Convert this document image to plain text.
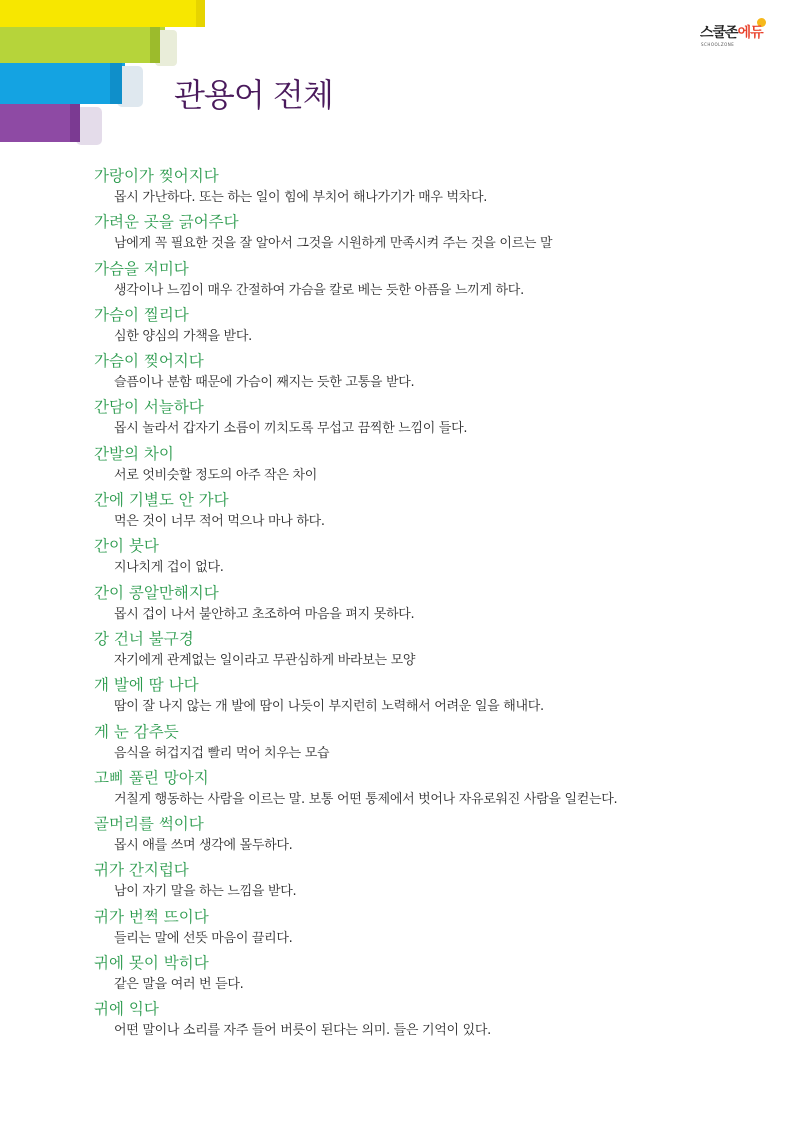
스쿨존에듀
SCHOOLZONE
관용어 전체
가랑이가 찢어지다
몹시 가난하다. 또는 하는 일이 힘에 부치어 해나가기가 매우 벅차다.
가려운 곳을 긁어주다
남에게 꼭 필요한 것을 잘 알아서 그것을 시원하게 만족시켜 주는 것을 이르는 말
가슴을 저미다
생각이나 느낌이 매우 간절하여 가슴을 칼로 베는 듯한 아픔을 느끼게 하다.
가슴이 찔리다
심한 양심의 가책을 받다.
가슴이 찢어지다
슬픔이나 분함 때문에 가슴이 째지는 듯한 고통을 받다.
간담이 서늘하다
몹시 놀라서 갑자기 소름이 끼치도록 무섭고 끔찍한 느낌이 들다.
간발의 차이
서로 엇비슷할 정도의 아주 작은 차이
간에 기별도 안 가다
먹은 것이 너무 적어 먹으나 마나 하다.
간이 붓다
지나치게 겁이 없다.
간이 콩알만해지다
몹시 겁이 나서 불안하고 초조하여 마음을 펴지 못하다.
강 건너 불구경
자기에게 관계없는 일이라고 무관심하게 바라보는 모양
개 발에 땀 나다
땀이 잘 나지 않는 개 발에 땀이 나듯이 부지런히 노력해서 어려운 일을 해내다.
게 눈 감추듯
음식을 허겁지겁 빨리 먹어 치우는 모습
고삐 풀린 망아지
거칠게 행동하는 사람을 이르는 말. 보통 어떤 통제에서 벗어나 자유로워진 사람을 일컫는다.
골머리를 썩이다
몹시 애를 쓰며 생각에 몰두하다.
귀가 간지럽다
남이 자기 말을 하는 느낌을 받다.
귀가 번쩍 뜨이다
들리는 말에 선뜻 마음이 끌리다.
귀에 못이 박히다
같은 말을 여러 번 듣다.
귀에 익다
어떤 말이나 소리를 자주 들어 버릇이 된다는 의미. 들은 기억이 있다.
